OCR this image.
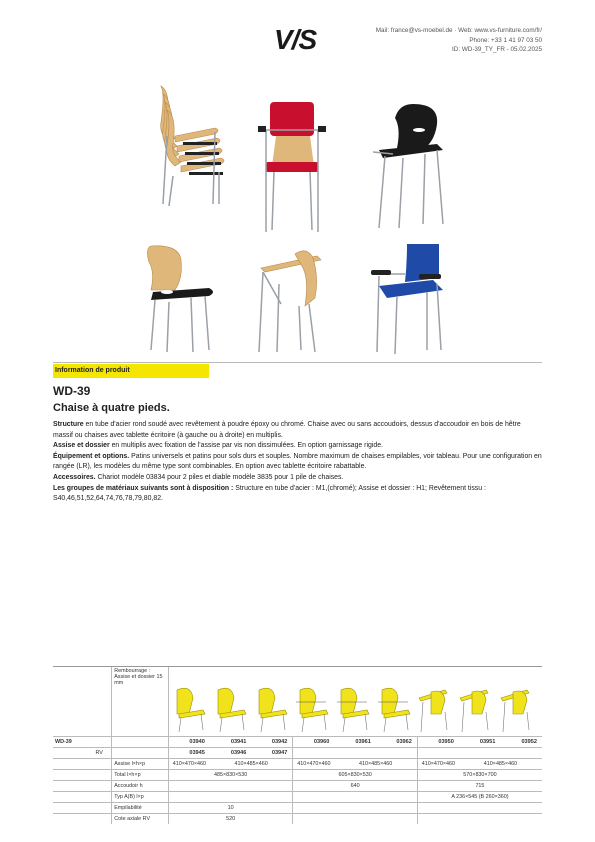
V/S	Mail: france@vs-moebel.de · Web: www.vs-furniture.com/fr/
Phone: +33 1 41 97 03 50
ID: WD-39_TY_FR - 05.02.2025
Information de produit
WD-39
Chaise à quatre pieds.
Structure en tube d'acier rond soudé avec revêtement à poudre époxy ou chromé. Chaise avec ou sans accoudoirs, dessus d'accoudoir en bois de hêtre massif ou chaises avec tablette écritoire (à gauche ou à droite) en multiplis.
Assise et dossier en multiplis avec fixation de l'assise par vis non dissimulées. En option garnissage rigide.
Équipement et options. Patins universels et patins pour sols durs et souples. Nombre maximum de chaises empilables, voir tableau. Pour une configuration en rangée (LR), les modèles du même type sont combinables. En option avec tablette écritoire rabattable.
Accessoires. Chariot modèle 03834 pour 2 piles et diable modèle 3835 pour 1 pile de chaises.
Les groupes de matériaux suivants sont à disposition : Structure en tube d'acier : M1,(chromé); Assise et dossier : H1; Revêtement tissu : S40,46,51,52,64,74,76,78,79,80,82.
		Rembourrage : Assise et dossier 15 mm	
WD-39			03940	03941	03942	03960	03961	03962	03950	03951	03952
	RV		03945	03946	03947						
		Assise l×h×p	410×470×460	410×485×460		410×470×460	410×485×460		410×470×460	410×485×460	
		Total l×h×p	485×830×530			605×830×530			570×830×700		
		Accoudoir h				640			715		
		Typ A(B) l×p							A 236×545 (B 260×360)		
		Empilabilité	10								
		Cote axiale RV	520								
